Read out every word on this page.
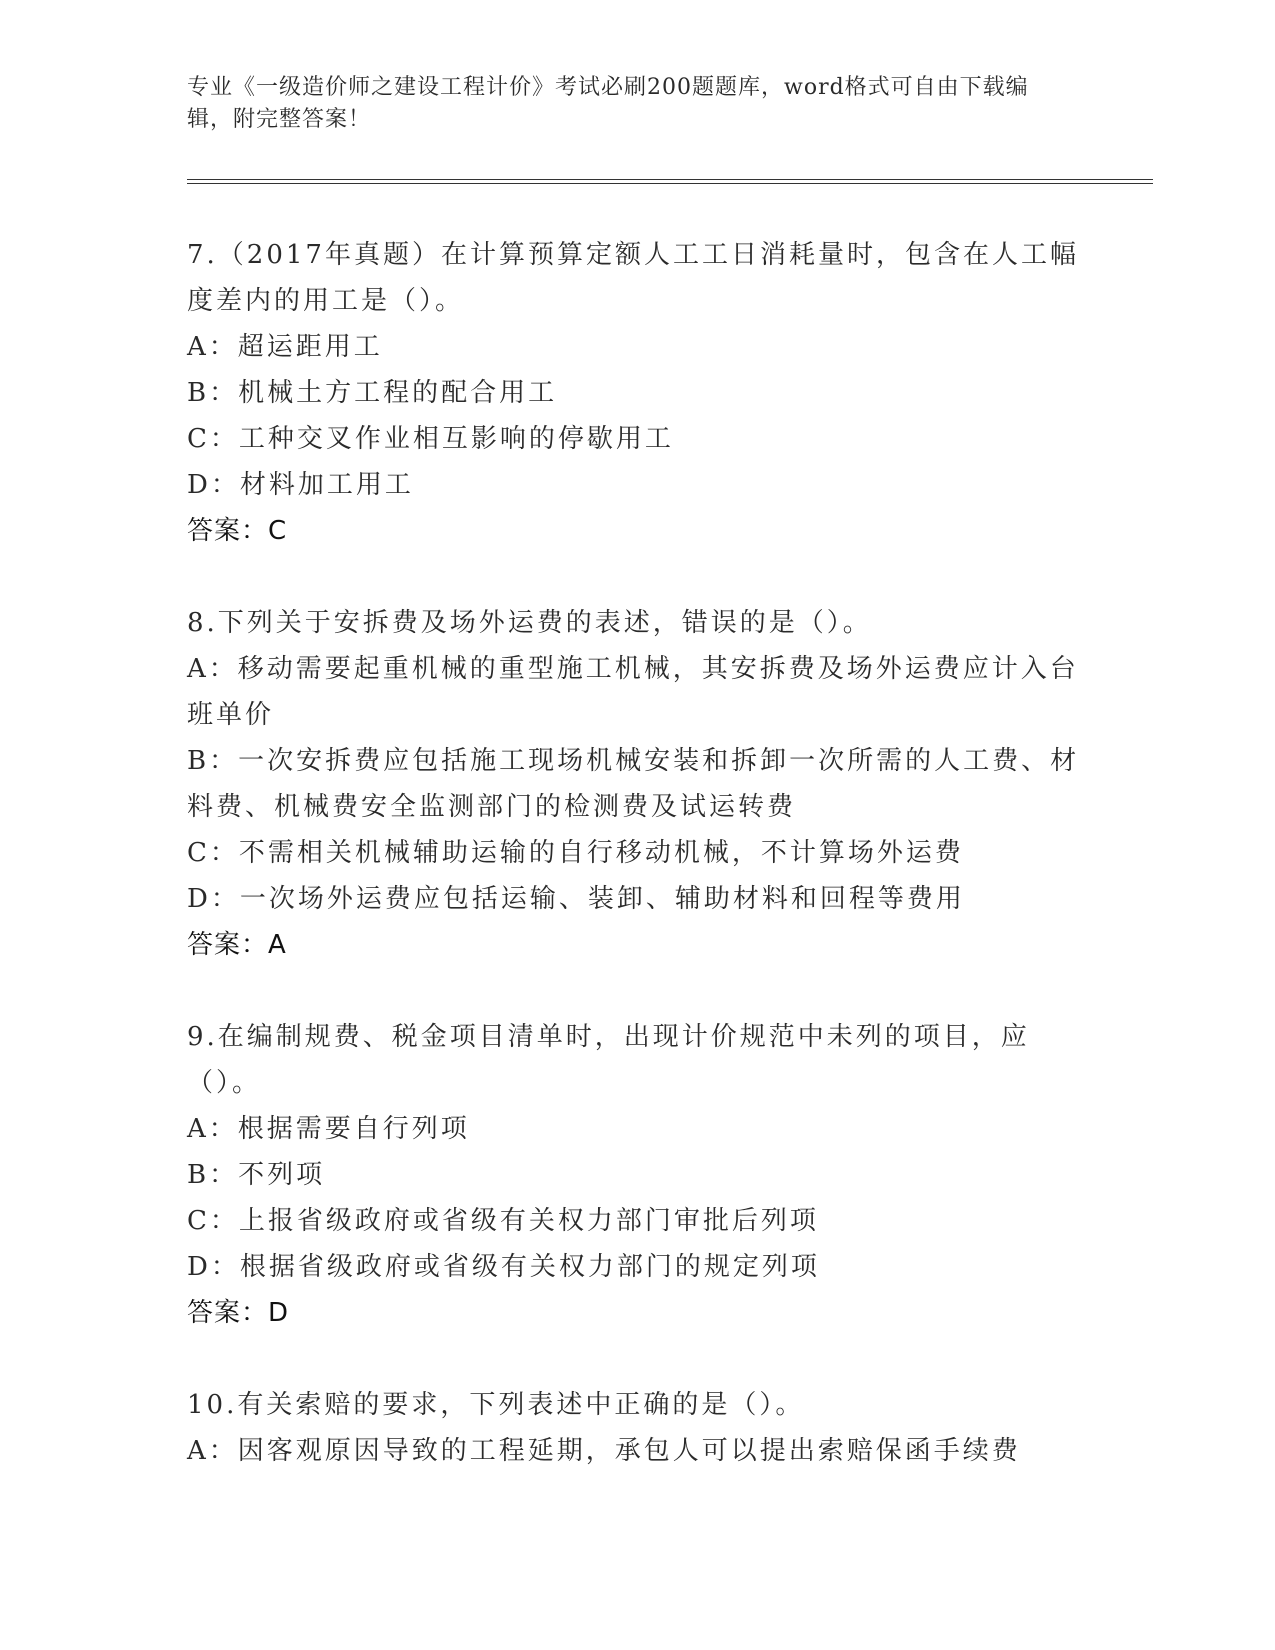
专业《一级造价师之建设工程计价》考试必刷200题题库，word格式可自由下载编辑，附完整答案！
7.（2017年真题）在计算预算定额人工工日消耗量时，包含在人工幅度差内的用工是（）。
A：超运距用工
B：机械土方工程的配合用工
C：工种交叉作业相互影响的停歇用工
D：材料加工用工
答案：C
8.下列关于安拆费及场外运费的表述，错误的是（）。
A：移动需要起重机械的重型施工机械，其安拆费及场外运费应计入台班单价
B：一次安拆费应包括施工现场机械安装和拆卸一次所需的人工费、材料费、机械费安全监测部门的检测费及试运转费
C：不需相关机械辅助运输的自行移动机械，不计算场外运费
D：一次场外运费应包括运输、装卸、辅助材料和回程等费用
答案：A
9.在编制规费、税金项目清单时，出现计价规范中未列的项目，应（）。
A：根据需要自行列项
B：不列项
C：上报省级政府或省级有关权力部门审批后列项
D：根据省级政府或省级有关权力部门的规定列项
答案：D
10.有关索赔的要求，下列表述中正确的是（）。
A：因客观原因导致的工程延期，承包人可以提出索赔保函手续费
